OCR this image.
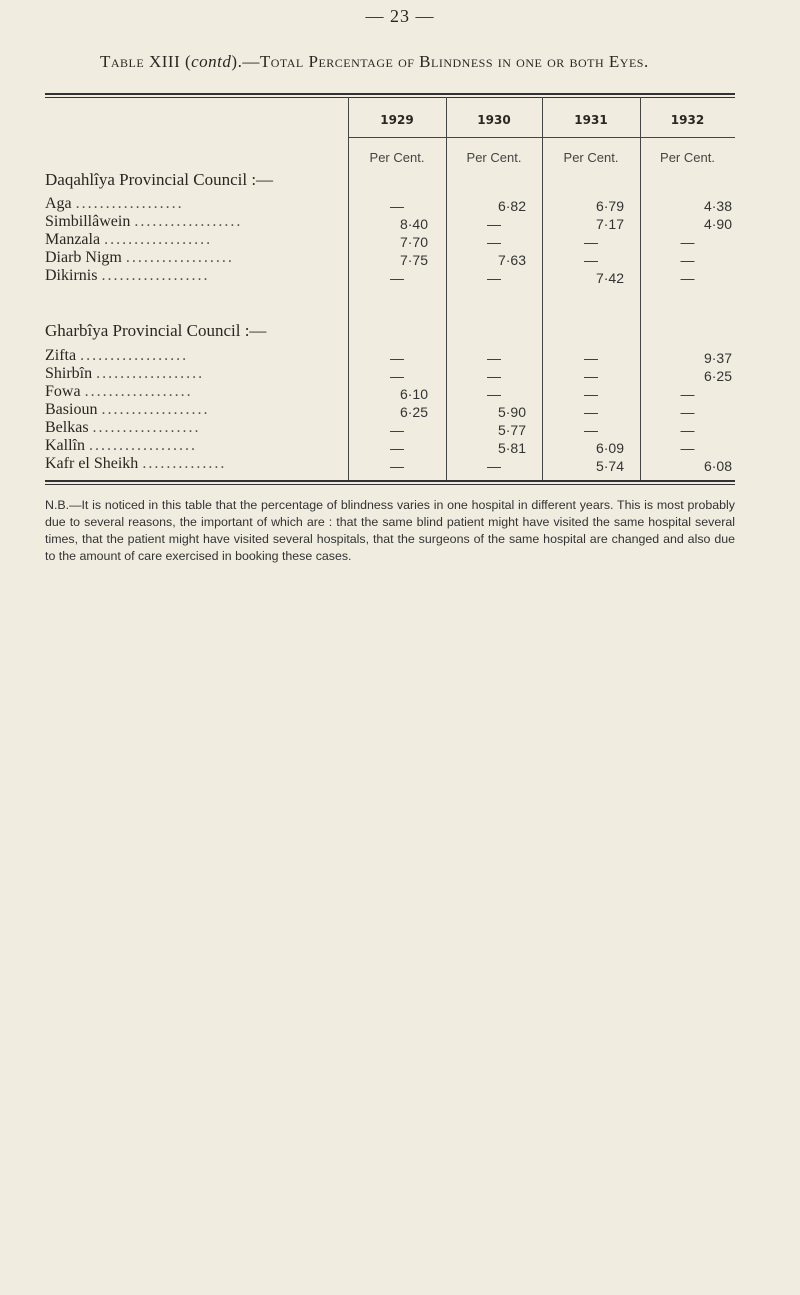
— 23 —
Table XIII (contd).—Total Percentage of Blindness in one or both Eyes.
1929	1930	1931	1932
Per Cent.	Per Cent.	Per Cent.	Per Cent.
Daqahlîya Provincial Council :—
Aga ..................	—	6·82	6·79	4·38
Simbillâwein ..................	8·40	—	7·17	4·90
Manzala ..................	7·70	—	—	—
Diarb Nigm ..................	7·75	7·63	—	—
Dikirnis ..................	—	—	7·42	—
Gharbîya Provincial Council :—
Zifta ..................	—	—	—	9·37
Shirbîn ..................	—	—	—	6·25
Fowa ..................	6·10	—	—	—
Basioun ..................	6·25	5·90	—	—
Belkas ..................	—	5·77	—	—
Kallîn ..................	—	5·81	6·09	—
Kafr el Sheikh ..............	—	—	5·74	6·08
N.B.—It is noticed in this table that the percentage of blindness varies in one hospital in different years. This is most probably due to several reasons, the important of which are : that the same blind patient might have visited the same hospital several times, that the patient might have visited several hospitals, that the surgeons of the same hospital are changed and also due to the amount of care exercised in booking these cases.
